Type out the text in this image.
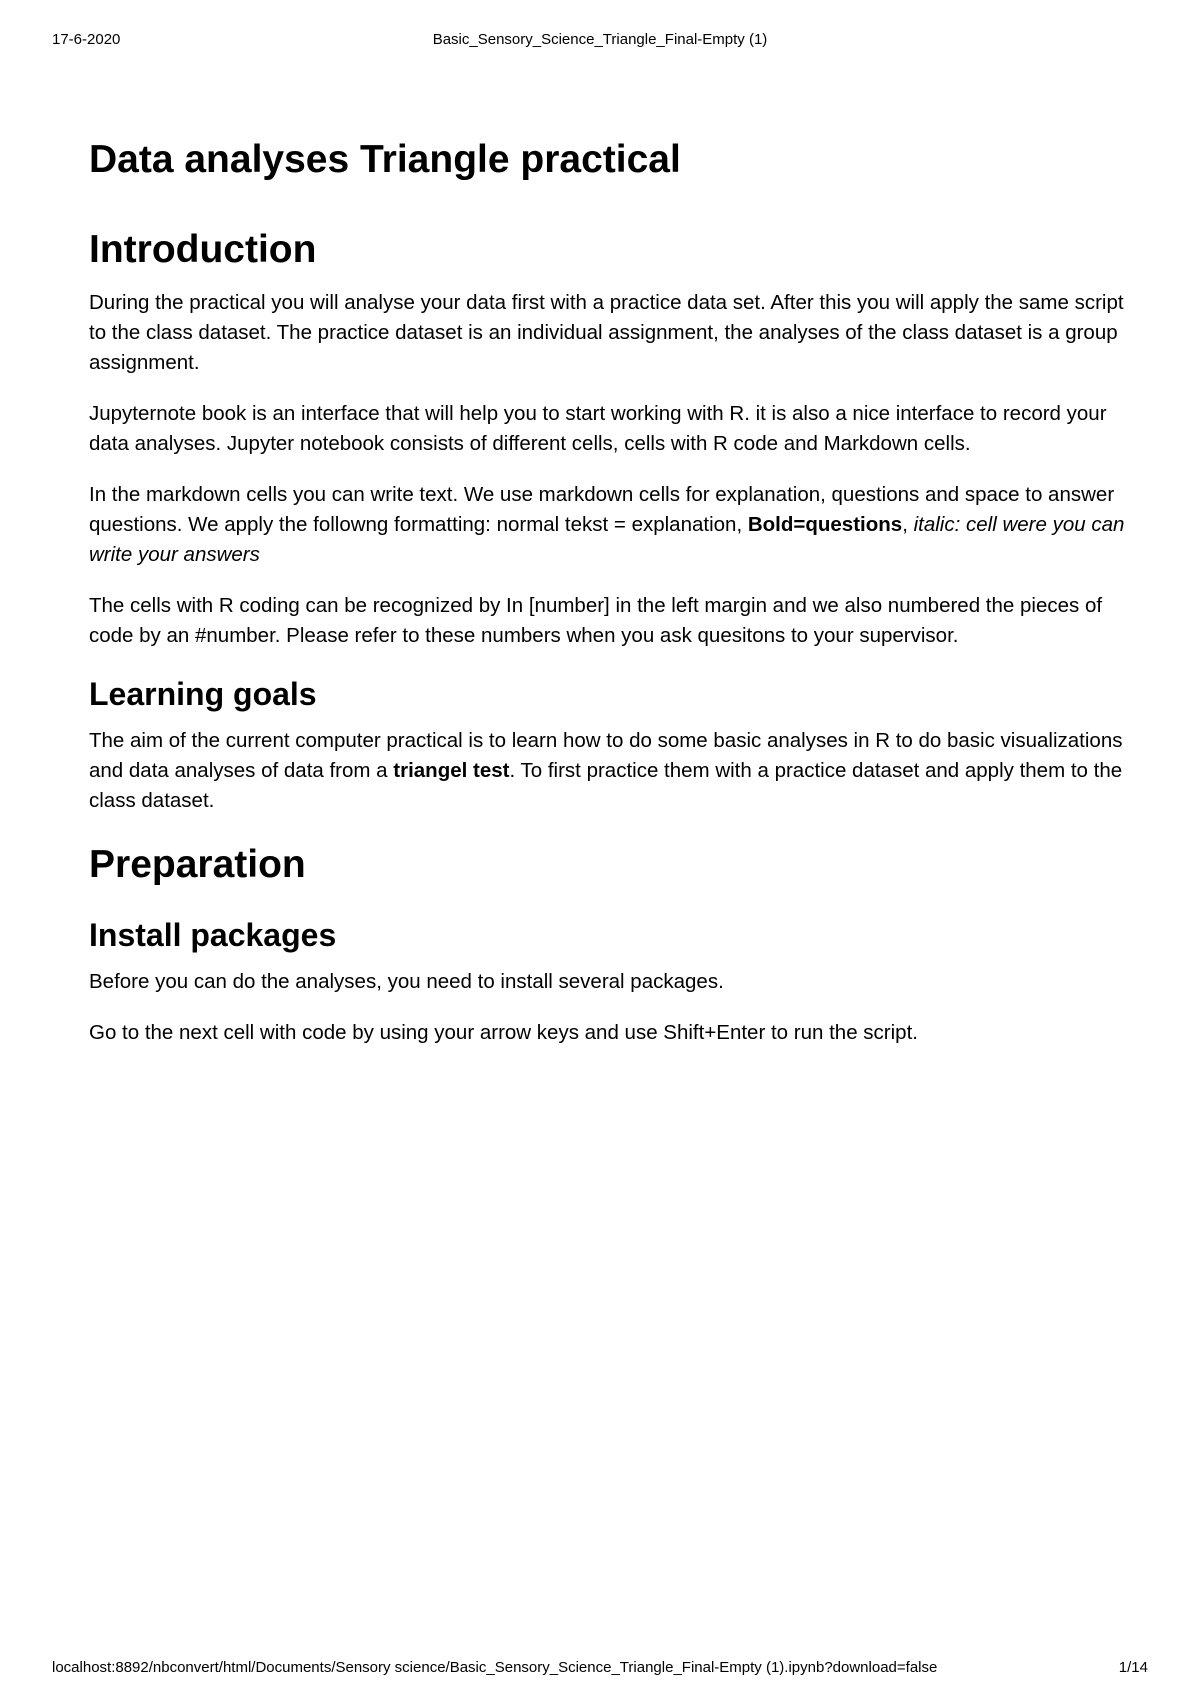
17-6-2020	Basic_Sensory_Science_Triangle_Final-Empty (1)
Data analyses Triangle practical
Introduction

During the practical you will analyse your data first with a practice data set. After this you will apply the same script to the class dataset. The practice dataset is an individual assignment, the analyses of the class dataset is a group assignment.

Jupyternote book is an interface that will help you to start working with R. it is also a nice interface to record your data analyses. Jupyter notebook consists of different cells, cells with R code and Markdown cells.

In the markdown cells you can write text. We use markdown cells for explanation, questions and space to answer questions. We apply the followng formatting: normal tekst = explanation, Bold=questions, italic: cell were you can write your answers

The cells with R coding can be recognized by In [number] in the left margin and we also numbered the pieces of code by an #number. Please refer to these numbers when you ask quesitons to your supervisor.

Learning goals

The aim of the current computer practical is to learn how to do some basic analyses in R to do basic visualizations and data analyses of data from a triangel test. To first practice them with a practice dataset and apply them to the class dataset.

Preparation
Install packages

Before you can do the analyses, you need to install several packages.

Go to the next cell with code by using your arrow keys and use Shift+Enter to run the script.

localhost:8892/nbconvert/html/Documents/Sensory science/Basic_Sensory_Science_Triangle_Final-Empty (1).ipynb?download=false	1/14
